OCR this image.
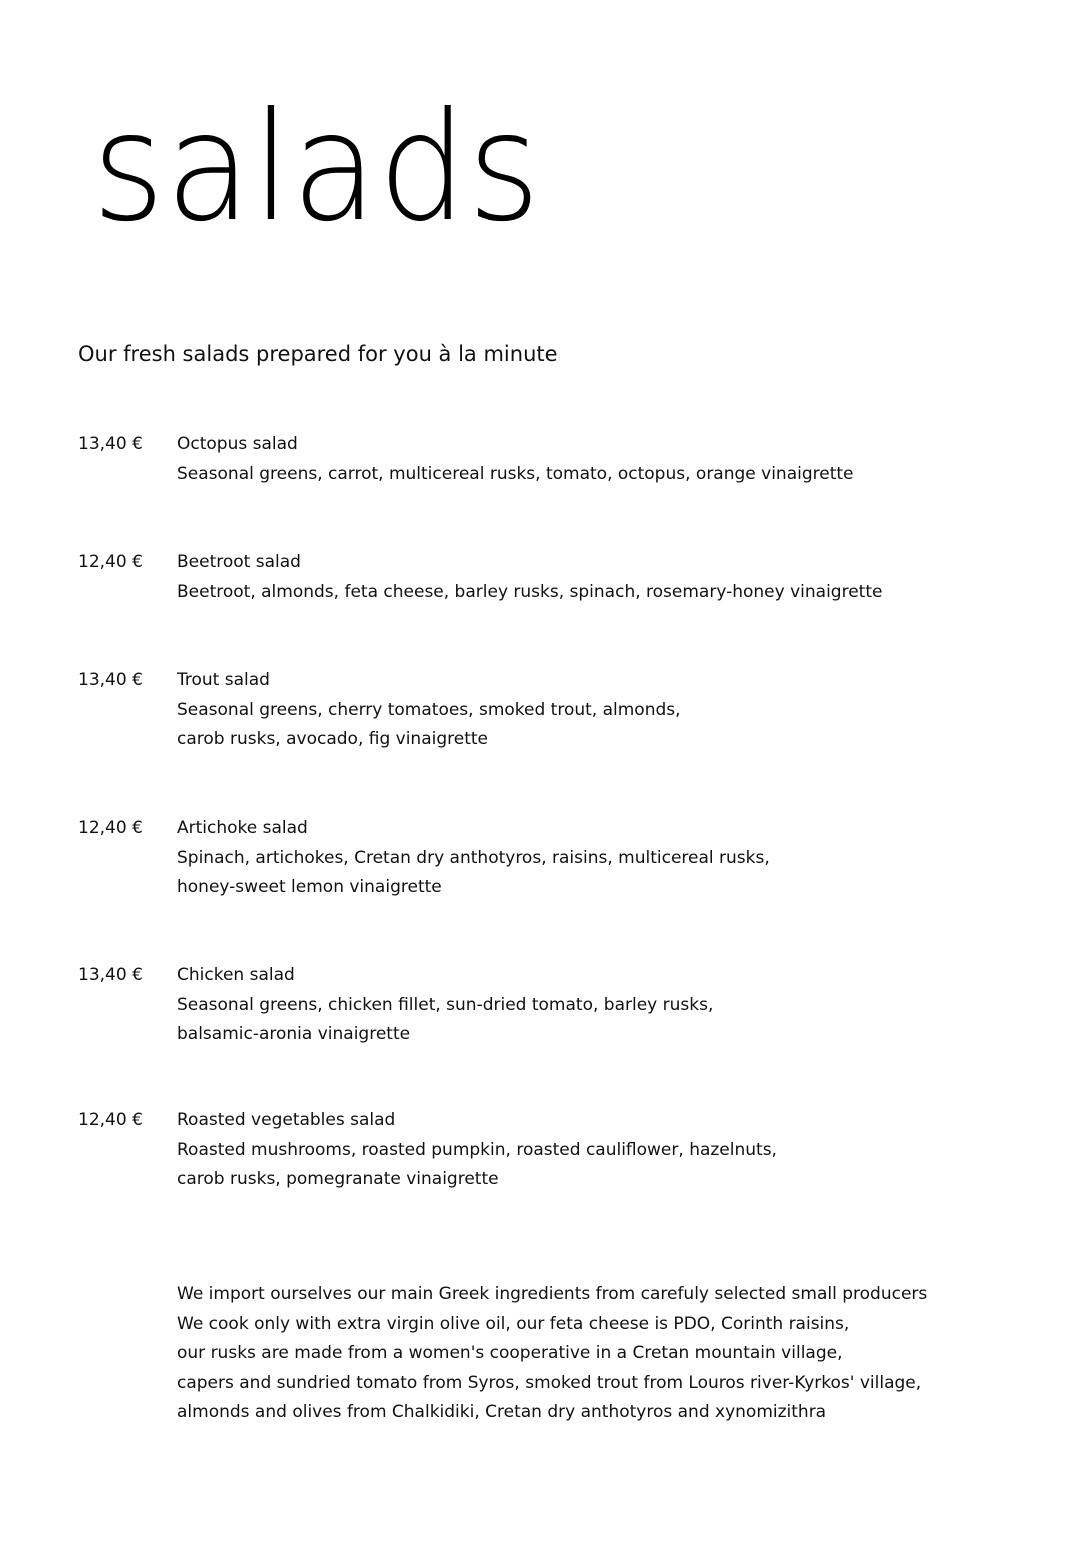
salads

Our fresh salads prepared for you à la minute

13,40 € Octopus salad
Seasonal greens, carrot, multicereal rusks, tomato, octopus, orange vinaigrette
12,40 € Beetroot salad
Beetroot, almonds, feta cheese, barley rusks, spinach, rosemary-honey vinaigrette
13,40 € Trout salad
Seasonal greens, cherry tomatoes, smoked trout, almonds,
carob rusks, avocado, fig vinaigrette
12,40 € Artichoke salad
Spinach, artichokes, Cretan dry anthotyros, raisins, multicereal rusks,
honey-sweet lemon vinaigrette
13,40 € Chicken salad
Seasonal greens, chicken fillet, sun-dried tomato, barley rusks,
balsamic-aronia vinaigrette
12,40 € Roasted vegetables salad
Roasted mushrooms, roasted pumpkin, roasted cauliflower, hazelnuts,
carob rusks, pomegranate vinaigrette
We import ourselves our main Greek ingredients from carefuly selected small producers
We cook only with extra virgin olive oil, our feta cheese is PDO, Corinth raisins,
our rusks are made from a women's cooperative in a Cretan mountain village,
capers and sundried tomato from Syros, smoked trout from Louros river-Kyrkos' village,
almonds and olives from Chalkidiki, Cretan dry anthotyros and xynomizithra
